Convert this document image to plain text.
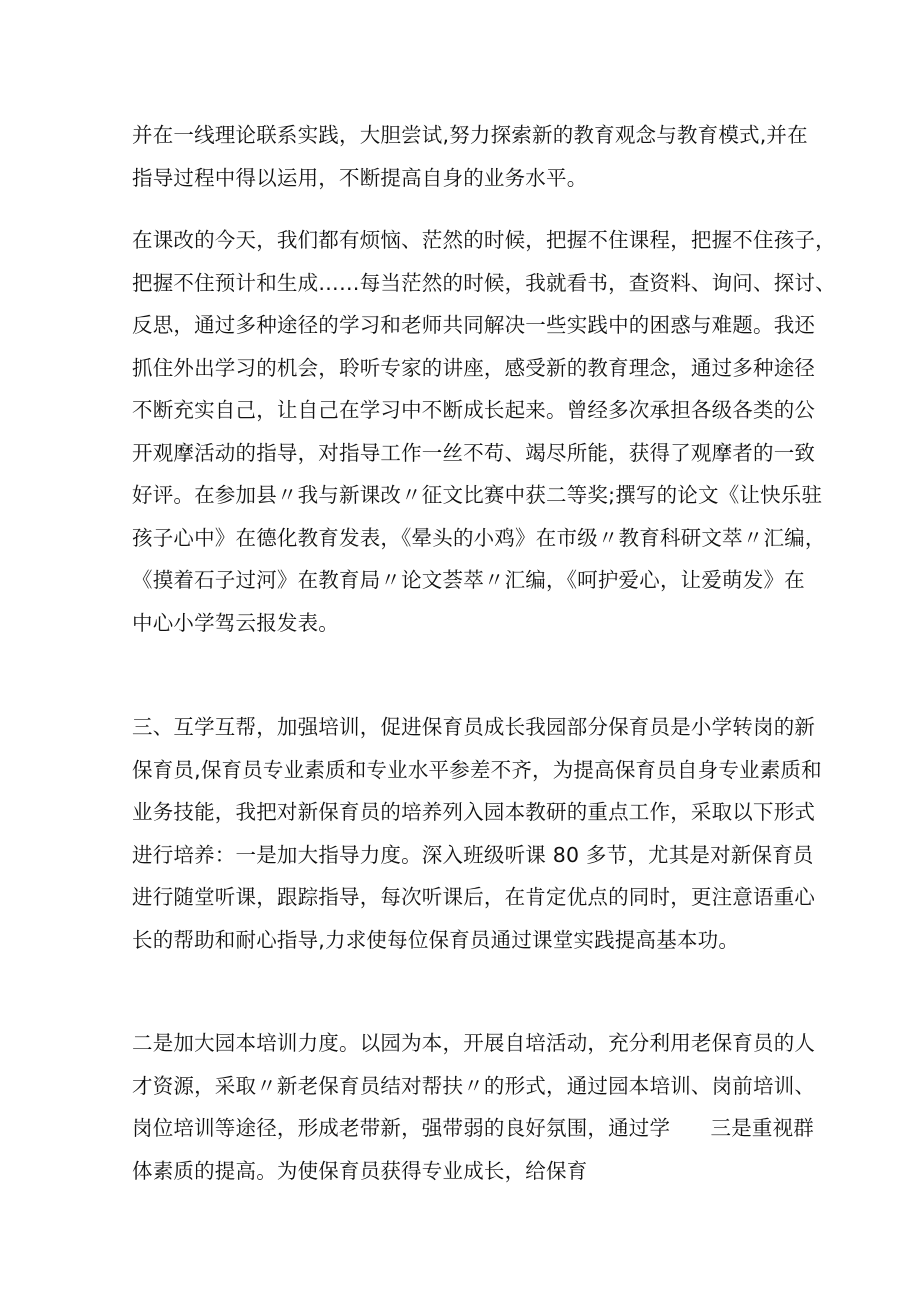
并在一线理论联系实践，大胆尝试,努力探索新的教育观念与教育模式,并在
指导过程中得以运用，不断提高自身的业务水平。
在课改的今天，我们都有烦恼、茫然的时候，把握不住课程，把握不住孩子，
把握不住预计和生成……每当茫然的时候，我就看书，查资料、询问、探讨、
反思，通过多种途径的学习和老师共同解决一些实践中的困惑与难题。我还
抓住外出学习的机会，聆听专家的讲座，感受新的教育理念，通过多种途径
不断充实自己，让自己在学习中不断成长起来。曾经多次承担各级各类的公
开观摩活动的指导，对指导工作一丝不苟、竭尽所能，获得了观摩者的一致
好评。在参加县〃我与新课改〃征文比赛中获二等奖;撰写的论文《让快乐驻
孩子心中》在德化教育发表，《晕头的小鸡》在市级〃教育科研文萃〃汇编，
《摸着石子过河》在教育局〃论文荟萃〃汇编，《呵护爱心，让爱萌发》在
中心小学驾云报发表。
三、互学互帮，加强培训，促进保育员成长我园部分保育员是小学转岗的新
保育员,保育员专业素质和专业水平参差不齐，为提高保育员自身专业素质和
业务技能，我把对新保育员的培养列入园本教研的重点工作，采取以下形式
进行培养：一是加大指导力度。深入班级听课 80 多节，尤其是对新保育员
进行随堂听课，跟踪指导，每次听课后，在肯定优点的同时，更注意语重心
长的帮助和耐心指导,力求使每位保育员通过课堂实践提高基本功。
二是加大园本培训力度。以园为本，开展自培活动，充分利用老保育员的人
才资源，采取〃新老保育员结对帮扶〃的形式，通过园本培训、岗前培训、
岗位培训等途径，形成老带新，强带弱的良好氛围，通过学      三是重视群
体素质的提高。为使保育员获得专业成长，给保育
